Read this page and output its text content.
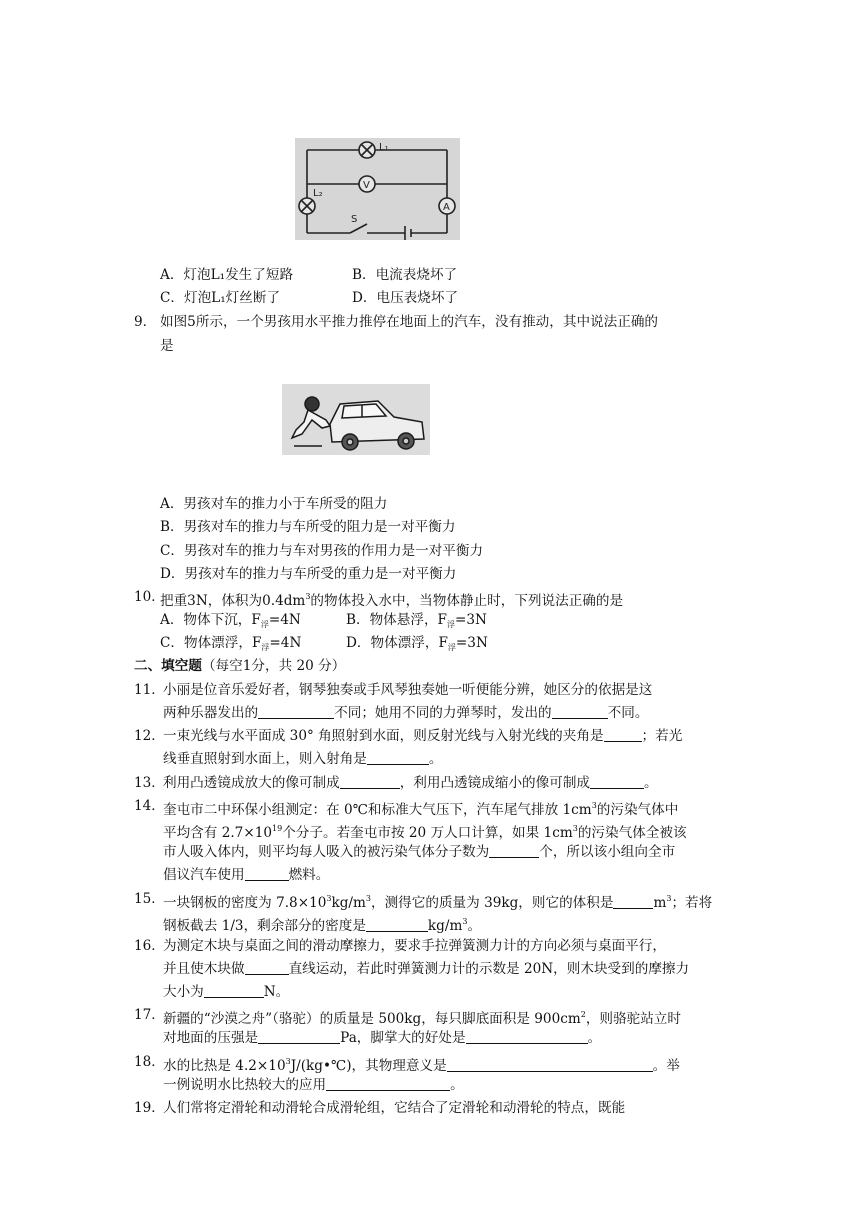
V
A
L₁
L₂
S
A．灯泡L₁发生了短路	B．电流表烧坏了
C．灯泡L₁灯丝断了	D．电压表烧坏了
9． 如图5所示，一个男孩用水平推力推停在地面上的汽车，没有推动，其中说法正确的
是
A．男孩对车的推力小于车所受的阻力
B．男孩对车的推力与车所受的阻力是一对平衡力
C．男孩对车的推力与车对男孩的作用力是一对平衡力
D．男孩对车的推力与车所受的重力是一对平衡力
10．
把重3N，体积为$0.4dm^3$的物体投入水中，当物体静止时，下列说法正确的是
A．物体下沉，$F_浮=4N$	B．物体悬浮，$F_浮=3N$
C．物体漂浮，$F_浮=4N$	D．物体漂浮，$F_浮=3N$
二、填空题（每空1分，共 20 分）
11．
小丽是位音乐爱好者，钢琴独奏或手风琴独奏她一听便能分辨，她区分的依据是这
两种乐器发出的	不同；她用不同的力弹琴时，发出的	不同。
12．
一束光线与水平面成 30° 角照射到水面，则反射光线与入射光线的夹角是	；若光
线垂直照射到水面上，则入射角是	。
13．
利用凸透镜成放大的像可制成	，利用凸透镜成缩小的像可制成	。
14．
奎屯市二中环保小组测定：在 0℃和标准大气压下，汽车尾气排放 $1cm^3$的污染气体中
平均含有 $2.7\times 10^{19}$个分子。若奎屯市按 20 万人口计算，如果 $1cm^3$的污染气体全被该
市人吸入体内，则平均每人吸入的被污染气体分子数为	个，所以该小组向全市
倡议汽车使用	燃料。
15．
一块钢板的密度为 $7.8\times 10^3kg/m^3$，测得它的质量为 39kg，则它的体积是	$m^3$；若将
钢板截去 1/3，剩余部分的密度是	$kg/m^3$。
16．
为测定木块与桌面之间的滑动摩擦力，要求手拉弹簧测力计的方向必须与桌面平行，
并且使木块做	直线运动，若此时弹簧测力计的示数是 20N，则木块受到的摩擦力
大小为	N。
17．
新疆的“沙漠之舟”（骆驼）的质量是 500kg，每只脚底面积是 $900cm^2$，则骆驼站立时
对地面的压强是	Pa，脚掌大的好处是	。
18．
水的比热是 $4.2\times 10^3J/(kg•℃)$，其物理意义是	。举
一例说明水比热较大的应用	。
19．
人们常将定滑轮和动滑轮合成滑轮组，它结合了定滑轮和动滑轮的特点，既能
